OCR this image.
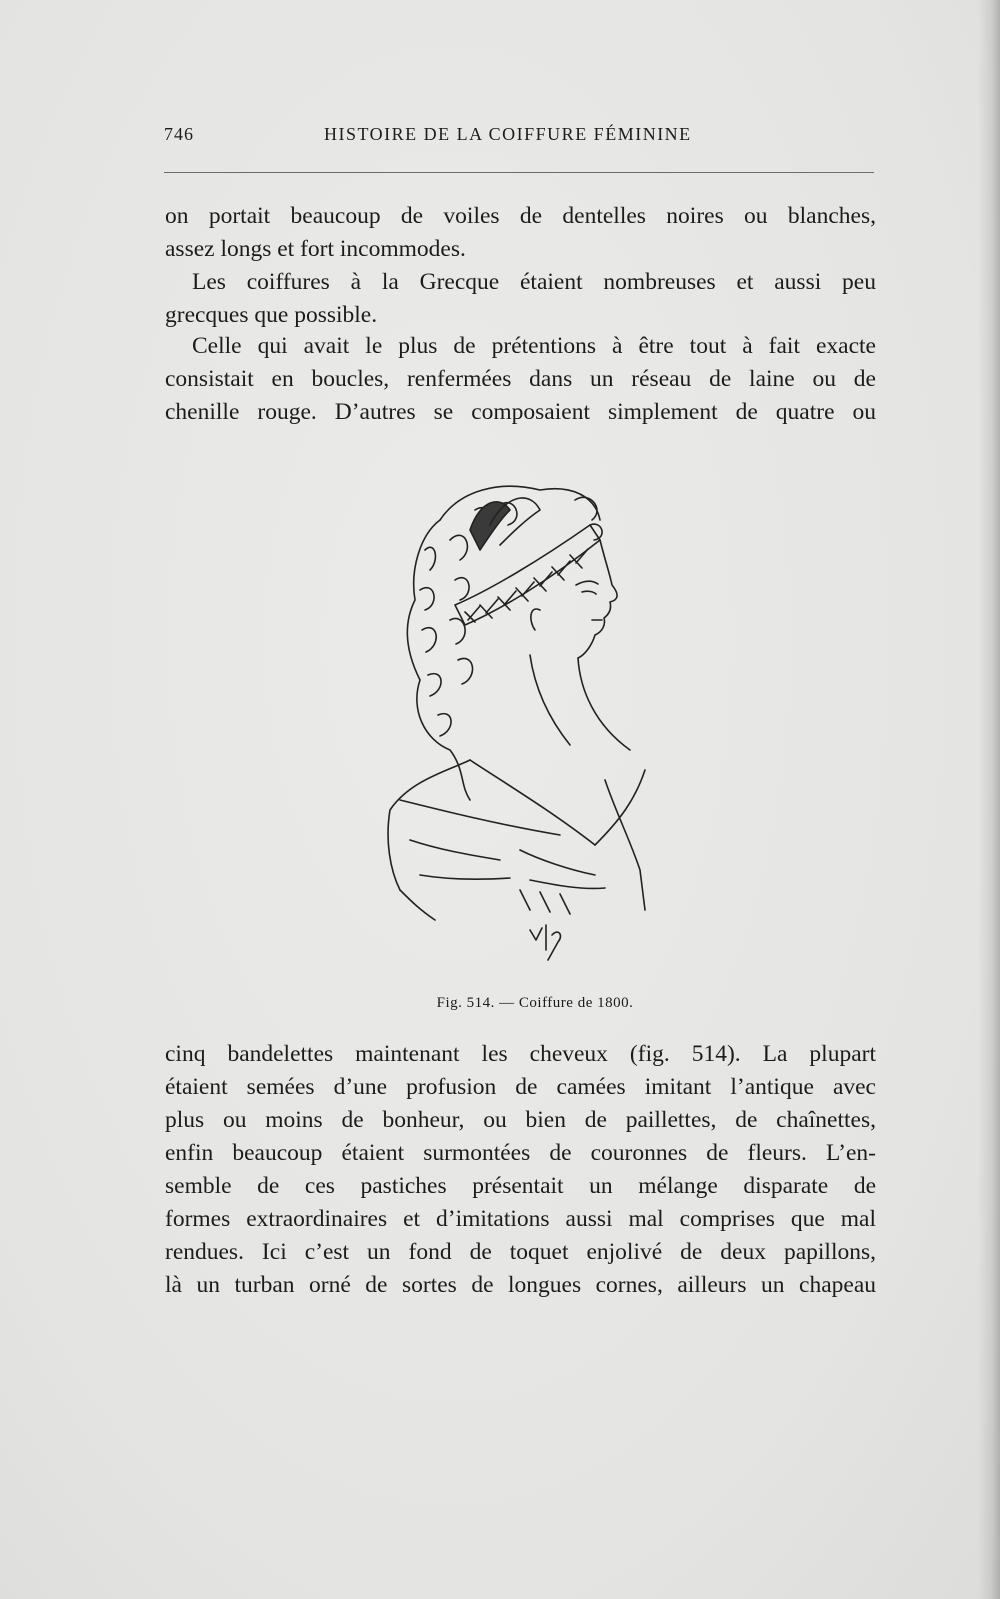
746	HISTOIRE DE LA COIFFURE FÉMININE
on portait beaucoup de voiles de dentelles noires ou blanches,
assez longs et fort incommodes.
Les coiffures à la Grecque étaient nombreuses et aussi peu
grecques que possible.
Celle qui avait le plus de prétentions à être tout à fait exacte
consistait en boucles, renfermées dans un réseau de laine ou de
chenille rouge. D’autres se composaient simplement de quatre ou
Fig. 514. — Coiffure de 1800.
cinq bandelettes maintenant les cheveux (fig. 514). La plupart
étaient semées d’une profusion de camées imitant l’antique avec
plus ou moins de bonheur, ou bien de paillettes, de chaînettes,
enfin beaucoup étaient surmontées de couronnes de fleurs. L’en-
semble de ces pastiches présentait un mélange disparate de
formes extraordinaires et d’imitations aussi mal comprises que mal
rendues. Ici c’est un fond de toquet enjolivé de deux papillons,
là un turban orné de sortes de longues cornes, ailleurs un chapeau
